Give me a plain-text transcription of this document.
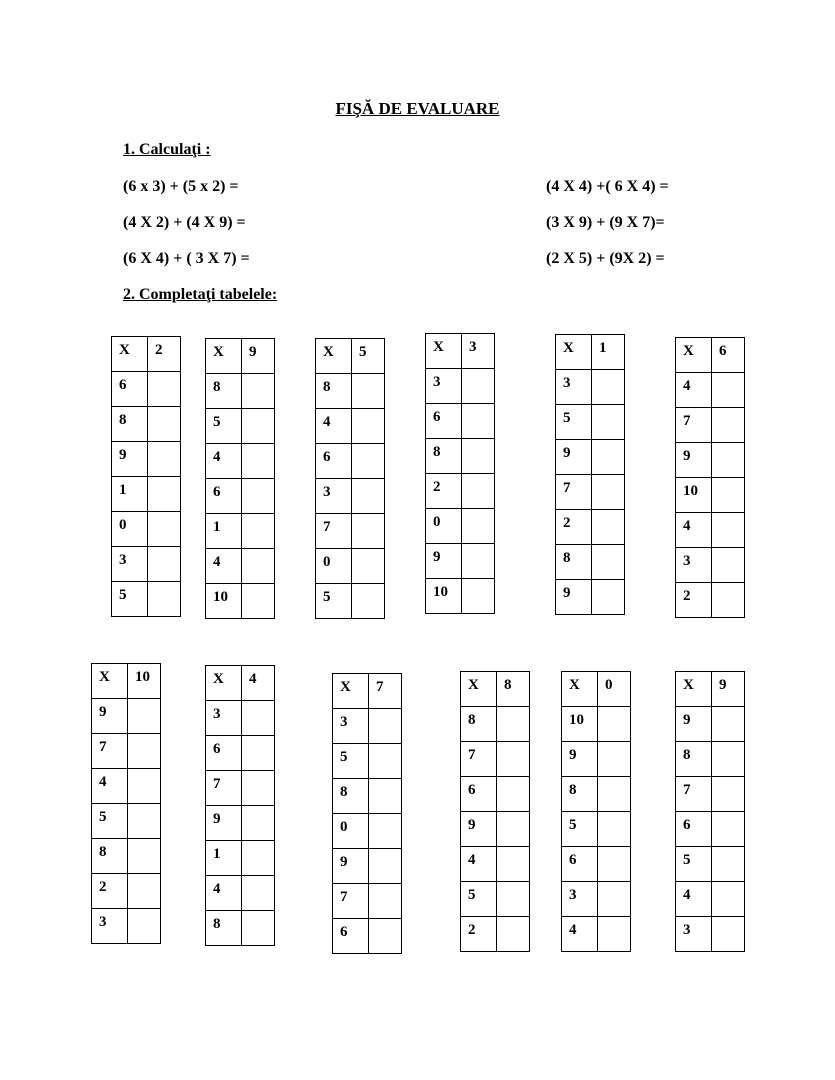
FIŞĂ DE EVALUARE
1. Calculaţi :
(6 x 3) + (5 x 2) =
(4 X 2) + (4 X 9) =
(6 X 4) + ( 3 X 7) =
(4 X 4) +( 6 X 4) =
(3 X 9) + (9 X 7)=
(2 X 5) + (9X 2) =
2. Completaţi tabelele:
X	2
6	
8	
9	
1	
0	
3	
5	
X	9
8	
5	
4	
6	
1	
4	
10	
X	5
8	
4	
6	
3	
7	
0	
5	
X	3
3	
6	
8	
2	
0	
9	
10	
X	1
3	
5	
9	
7	
2	
8	
9	
X	6
4	
7	
9	
10	
4	
3	
2	
X	10
9	
7	
4	
5	
8	
2	
3	
X	4
3	
6	
7	
9	
1	
4	
8	
X	7
3	
5	
8	
0	
9	
7	
6	
X	8
8	
7	
6	
9	
4	
5	
2	
X	0
10	
9	
8	
5	
6	
3	
4	
X	9
9	
8	
7	
6	
5	
4	
3	
